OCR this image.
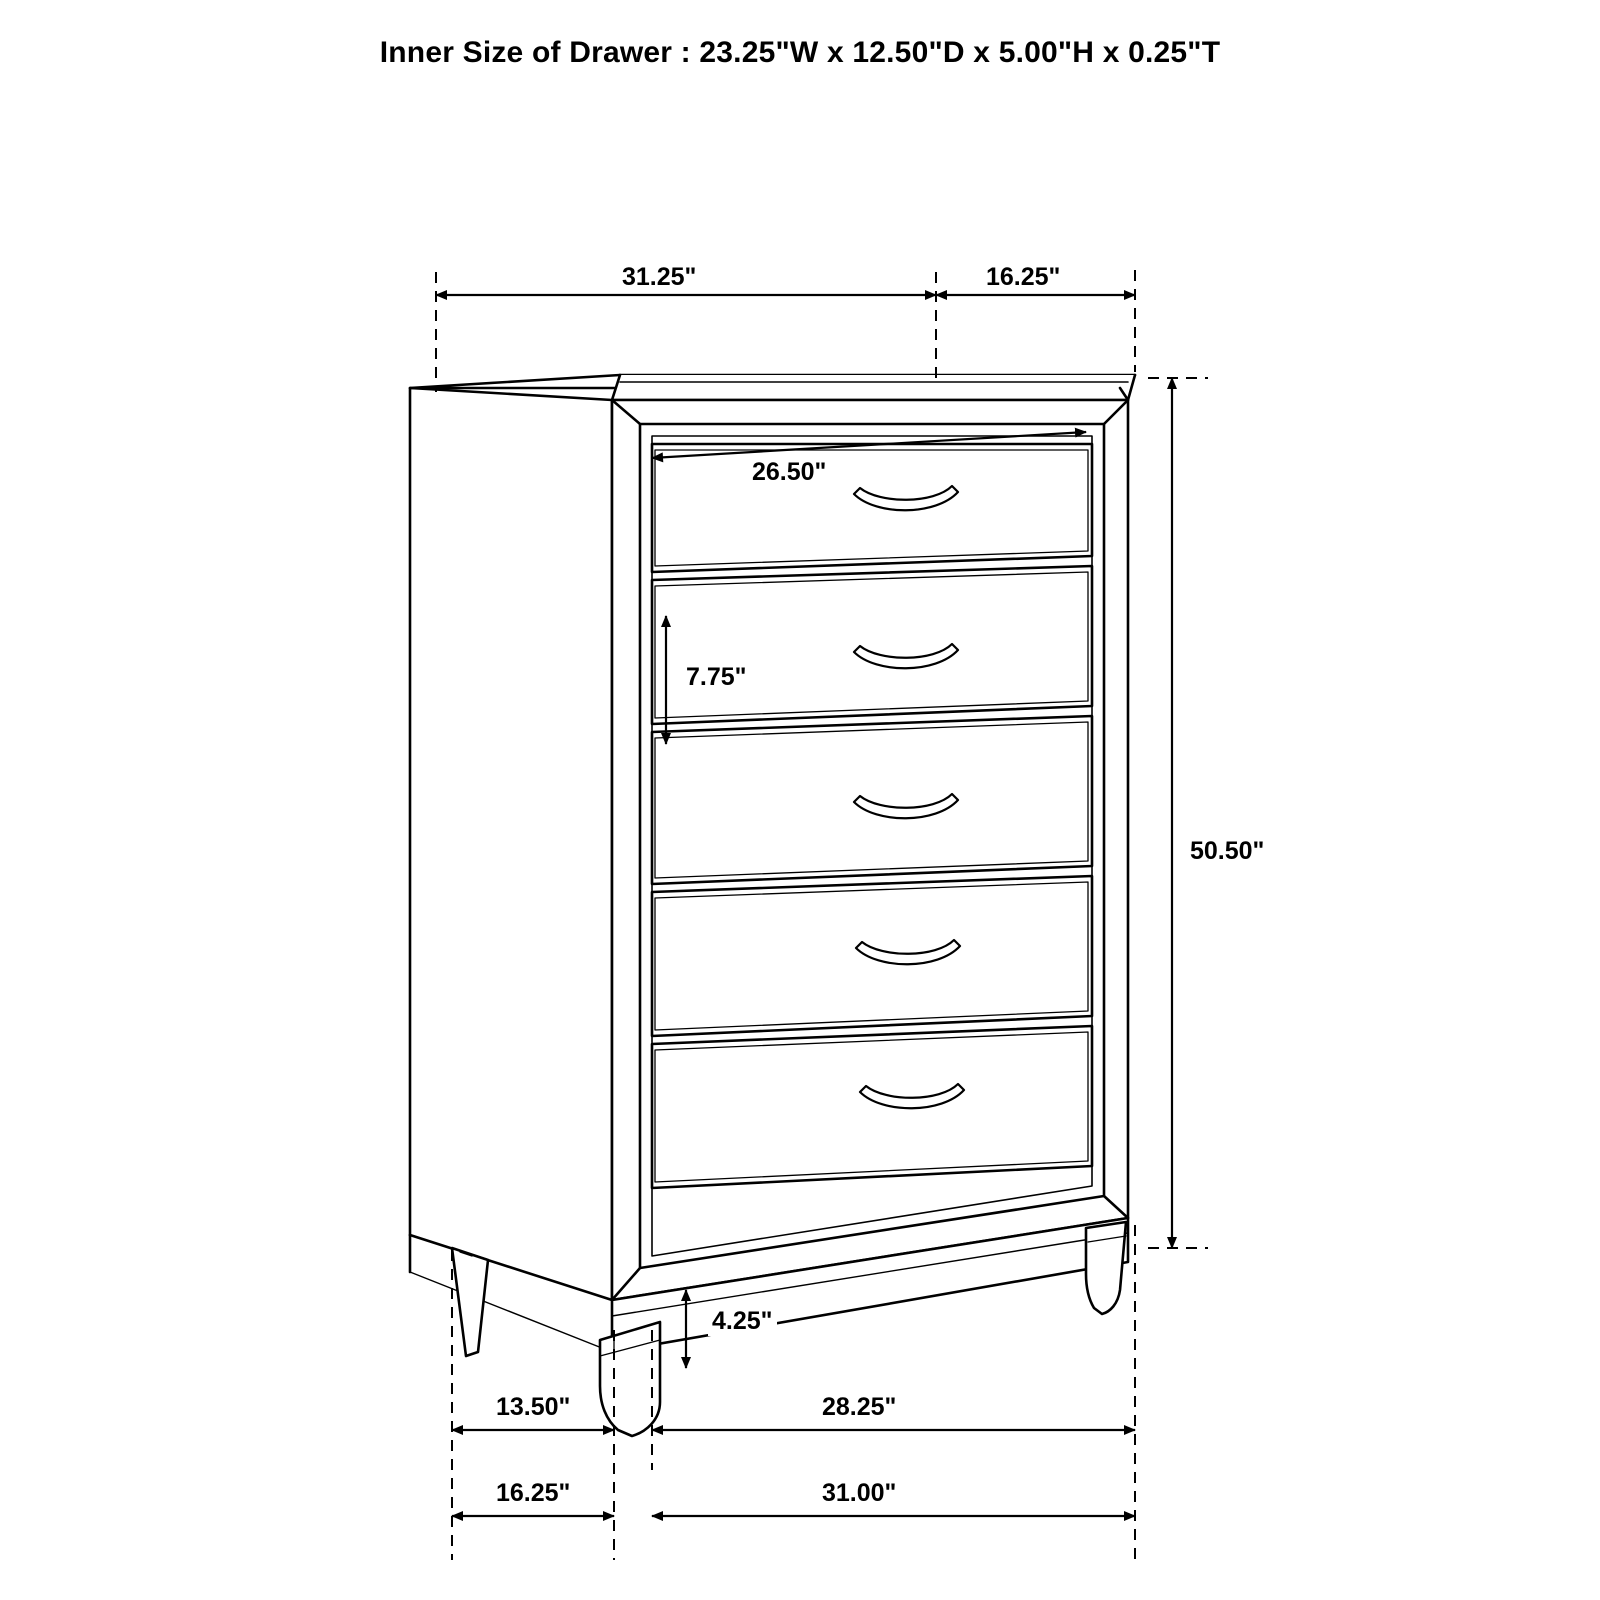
Inner Size of Drawer : 23.25"W x 12.50"D x 5.00"H x 0.25"T
31.25"	16.25"
26.50"
7.75"
50.50"
4.25"
13.50"	28.25"
16.25"	31.00"
